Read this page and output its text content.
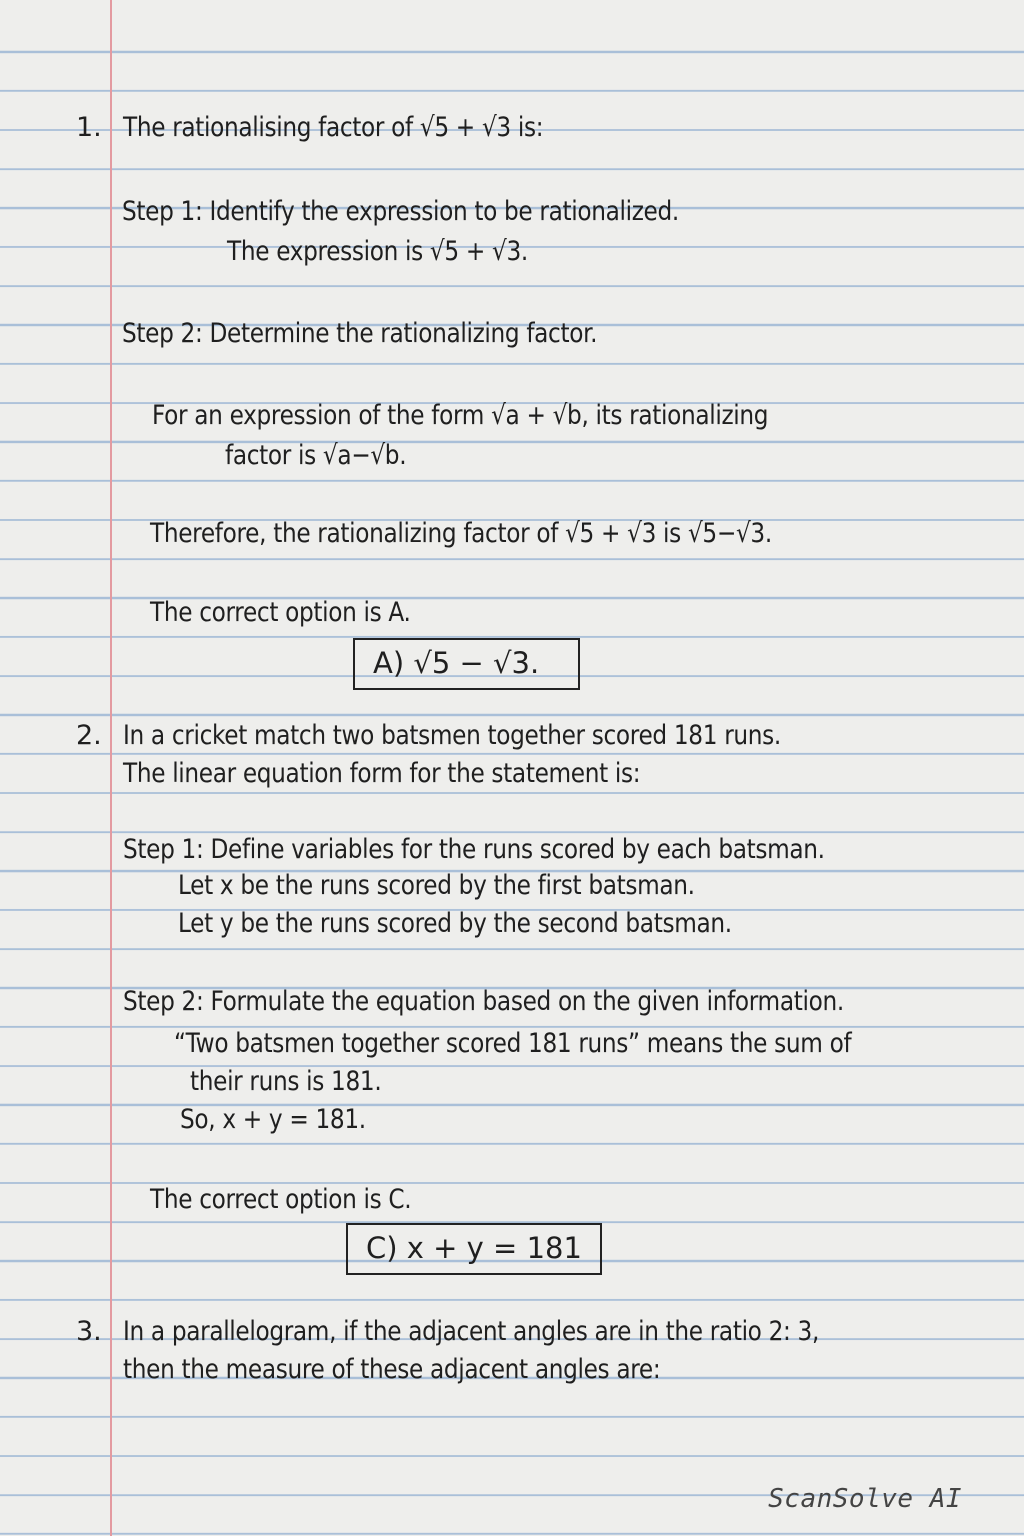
1. The rationalising factor of √5 + √3 is:
Step 1: Identify the expression to be rationalized.
The expression is √5 + √3.
Step 2: Determine the rationalizing factor.
For an expression of the form √a + √b, its rationalizing
factor is √a−√b.
Therefore, the rationalizing factor of √5 + √3 is √5−√3.
The correct option is A.
A) √5 − √3.
2. In a cricket match two batsmen together scored 181 runs.
The linear equation form for the statement is:
Step 1: Define variables for the runs scored by each batsman.
Let x be the runs scored by the first batsman.
Let y be the runs scored by the second batsman.
Step 2: Formulate the equation based on the given information.
“Two batsmen together scored 181 runs” means the sum of
their runs is 181.
So, x + y = 181.
The correct option is C.
C) x + y = 181
3. In a parallelogram, if the adjacent angles are in the ratio 2: 3,
then the measure of these adjacent angles are:
ScanSolve AI
